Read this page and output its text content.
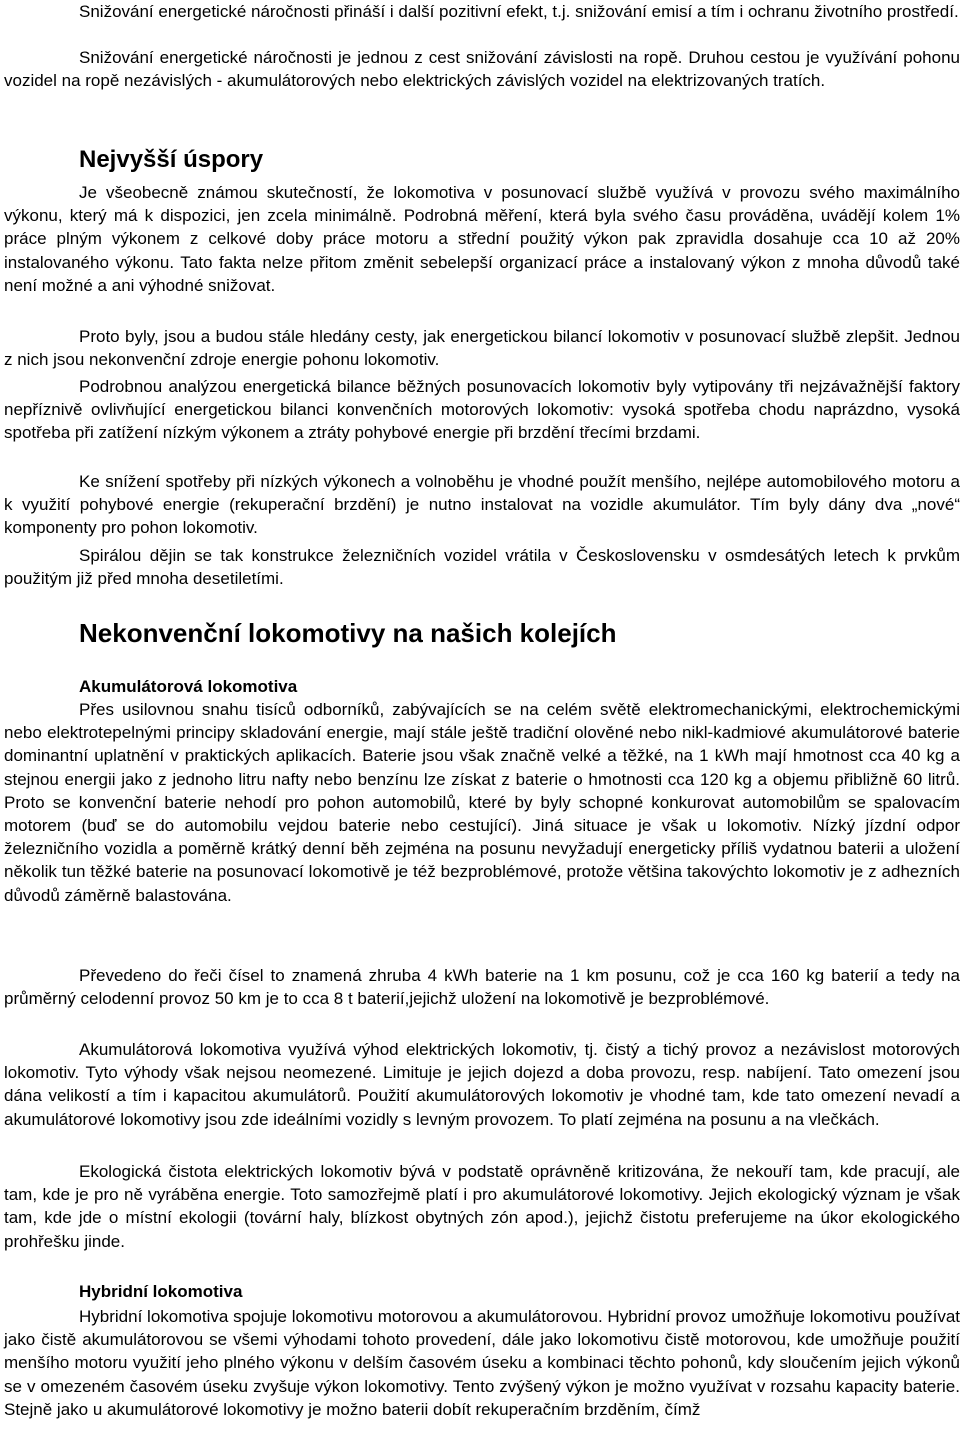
Snižování energetické náročnosti přináší i další pozitivní efekt, t.j. snižování emisí a tím i ochranu životního prostředí.

Snižování energetické náročnosti je jednou z cest snižování závislosti na ropě. Druhou cestou je využívání pohonu vozidel na ropě nezávislých - akumulátorových nebo elektrických závislých vozidel na elektrizovaných tratích.

Nejvyšší úspory

Je všeobecně známou skutečností, že lokomotiva v posunovací službě využívá v provozu svého maximálního výkonu, který má k dispozici, jen zcela minimálně. Podrobná měření, která byla svého času prováděna, uvádějí kolem 1% práce plným výkonem z celkové doby práce motoru a střední použitý výkon pak zpravidla dosahuje cca 10 až 20% instalovaného výkonu. Tato fakta nelze přitom změnit sebelepší organizací práce a instalovaný výkon z mnoha důvodů také není možné a ani výhodné snižovat.

Proto byly, jsou a budou stále hledány cesty, jak energetickou bilancí lokomotiv v posunovací službě zlepšit. Jednou z nich jsou nekonvenční zdroje energie pohonu lokomotiv.

Podrobnou analýzou energetická bilance běžných posunovacích lokomotiv byly vytipovány tři nejzávažnější faktory nepříznivě ovlivňující energetickou bilanci konvenčních motorových lokomotiv: vysoká spotřeba chodu naprázdno, vysoká spotřeba při zatížení nízkým výkonem a ztráty pohybové energie při brzdění třecími brzdami.

Ke snížení spotřeby při nízkých výkonech a volnoběhu je vhodné použít menšího, nejlépe automobilového motoru a k využití pohybové energie (rekuperační brzdění) je nutno instalovat na vozidle akumulátor. Tím byly dány dva „nové“ komponenty pro pohon lokomotiv.

Spirálou dějin se tak konstrukce železničních vozidel vrátila v Československu v osmdesátých letech k prvkům použitým již před mnoha desetiletími.

Nekonvenční lokomotivy na našich kolejích
Akumulátorová lokomotiva

Přes usilovnou snahu tisíců odborníků, zabývajících se na celém světě elektromechanickými, elektrochemickými nebo elektrotepelnými principy skladování energie, mají stále ještě tradiční olověné nebo nikl-kadmiové akumulátorové baterie dominantní uplatnění v praktických aplikacích. Baterie jsou však značně velké a těžké, na 1 kWh mají hmotnost cca 40 kg a stejnou energii jako z jednoho litru nafty nebo benzínu lze získat z baterie o hmotnosti cca 120 kg a objemu přibližně 60 litrů. Proto se konvenční baterie nehodí pro pohon automobilů, které by byly schopné konkurovat automobilům se spalovacím motorem (buď se do automobilu vejdou baterie nebo cestující). Jiná situace je však u lokomotiv. Nízký jízdní odpor železničního vozidla a poměrně krátký denní běh zejména na posunu nevyžadují energeticky příliš vydatnou baterii a uložení několik tun těžké baterie na posunovací lokomotivě je též bezproblémové, protože většina takovýchto lokomotiv je z adhezních důvodů záměrně balastována.

Převedeno do řeči čísel to znamená zhruba 4 kWh baterie na 1 km posunu, což je cca 160 kg baterií a tedy na průměrný celodenní provoz 50 km je to cca 8 t baterií,jejichž uložení na lokomotivě je bezproblémové.

Akumulátorová lokomotiva využívá výhod elektrických lokomotiv, tj. čistý a tichý provoz a nezávislost motorových lokomotiv. Tyto výhody však nejsou neomezené. Limituje je jejich dojezd a doba provozu, resp. nabíjení. Tato omezení jsou dána velikostí a tím i kapacitou akumulátorů. Použití akumulátorových lokomotiv je vhodné tam, kde tato omezení nevadí a akumulátorové lokomotivy jsou zde ideálními vozidly s levným provozem. To platí zejména na posunu a na vlečkách.

Ekologická čistota elektrických lokomotiv bývá v podstatě oprávněně kritizována, že nekouří tam, kde pracují, ale tam, kde je pro ně vyráběna energie. Toto samozřejmě platí i pro akumulátorové lokomotivy. Jejich ekologický význam je však tam, kde jde o místní ekologii (tovární haly, blízkost obytných zón apod.), jejichž čistotu preferujeme na úkor ekologického prohřešku jinde.

Hybridní lokomotiva

Hybridní lokomotiva spojuje lokomotivu motorovou a akumulátorovou. Hybridní provoz umožňuje lokomotivu používat jako čistě akumulátorovou se všemi výhodami tohoto provedení, dále jako lokomotivu čistě motorovou, kde umožňuje použití menšího motoru využití jeho plného výkonu v delším časovém úseku a kombinaci těchto pohonů, kdy sloučením jejich výkonů se v omezeném časovém úseku zvyšuje výkon lokomotivy. Tento zvýšený výkon je možno využívat v rozsahu kapacity baterie. Stejně jako u akumulátorové lokomotivy je možno baterii dobít rekuperačním brzděním, čímž
